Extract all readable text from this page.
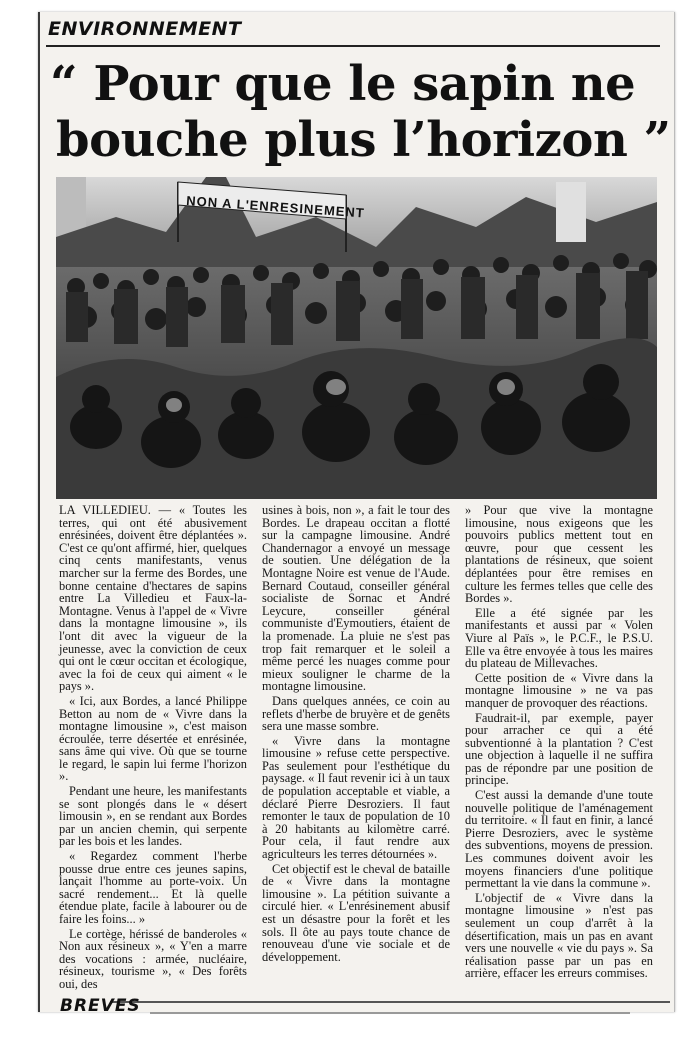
ENVIRONNEMENT
“ Pour que le sapin ne
bouche plus l’horizon ”
NON A L'ENRESINEMENT

LA VILLEDIEU. — « Toutes les terres, qui ont été abusivement enrésinées, doivent être déplantées ». C'est ce qu'ont affirmé, hier, quelques cinq cents manifestants, venus marcher sur la ferme des Bordes, une bonne centaine d'hectares de sapins entre La Villedieu et Faux-la-Montagne. Venus à l'appel de « Vivre dans la montagne limousine », ils l'ont dit avec la vigueur de la jeunesse, avec la conviction de ceux qui ont le cœur occitan et écologique, avec la foi de ceux qui aiment « le pays ».

« Ici, aux Bordes, a lancé Philippe Betton au nom de « Vivre dans la montagne limousine », c'est maison écroulée, terre désertée et enrésinée, sans âme qui vive. Où que se tourne le regard, le sapin lui ferme l'horizon ».

Pendant une heure, les manifestants se sont plongés dans le « désert limousin », en se rendant aux Bordes par un ancien chemin, qui serpente par les bois et les landes.

« Regardez comment l'herbe pousse drue entre ces jeunes sapins, lançait l'homme au porte-voix. Un sacré rendement... Et là quelle étendue plate, facile à labourer ou de faire les foins... »

Le cortège, hérissé de banderoles « Non aux résineux », « Y'en a marre des vocations : armée, nucléaire, résineux, tourisme », « Des forêts oui, des

usines à bois, non », a fait le tour des Bordes. Le drapeau occitan a flotté sur la campagne limousine. André Chandernagor a envoyé un message de soutien. Une délégation de la Montagne Noire est venue de l'Aude. Bernard Coutaud, conseiller général socialiste de Sornac et André Leycure, conseiller général communiste d'Eymoutiers, étaient de la promenade. La pluie ne s'est pas trop fait remarquer et le soleil a même percé les nuages comme pour mieux souligner le charme de la montagne limousine.

Dans quelques années, ce coin au reflets d'herbe de bruyère et de genêts sera une masse sombre.

« Vivre dans la montagne limousine » refuse cette perspective. Pas seulement pour l'esthétique du paysage. « Il faut revenir ici à un taux de population acceptable et viable, a déclaré Pierre Desroziers. Il faut remonter le taux de population de 10 à 20 habitants au kilomètre carré. Pour cela, il faut rendre aux agriculteurs les terres détournées ».

Cet objectif est le cheval de bataille de « Vivre dans la montagne limousine ». La pétition suivante a circulé hier. « L'enrésinement abusif est un désastre pour la forêt et les sols. Il ôte au pays toute chance de renouveau d'une vie sociale et de développement.

» Pour que vive la montagne limousine, nous exigeons que les pouvoirs publics mettent tout en œuvre, pour que cessent les plantations de résineux, que soient déplantées pour être remises en culture les fermes telles que celle des Bordes ».

Elle a été signée par les manifestants et aussi par « Volen Viure al Païs », le P.C.F., le P.S.U. Elle va être envoyée à tous les maires du plateau de Millevaches.

Cette position de « Vivre dans la montagne limousine » ne va pas manquer de provoquer des réactions.

Faudrait-il, par exemple, payer pour arracher ce qui a été subventionné à la plantation ? C'est une objection à laquelle il ne suffira pas de répondre par une position de principe.

C'est aussi la demande d'une toute nouvelle politique de l'aménagement du territoire. « Il faut en finir, a lancé Pierre Desroziers, avec le système des subventions, moyens de pression. Les communes doivent avoir les moyens financiers d'une politique permettant la vie dans la commune ».

L'objectif de « Vivre dans la montagne limousine » n'est pas seulement un coup d'arrêt à la désertification, mais un pas en avant vers une nouvelle « vie du pays ». Sa réalisation passe par un pas en arrière, effacer les erreurs commises.

BREVES
